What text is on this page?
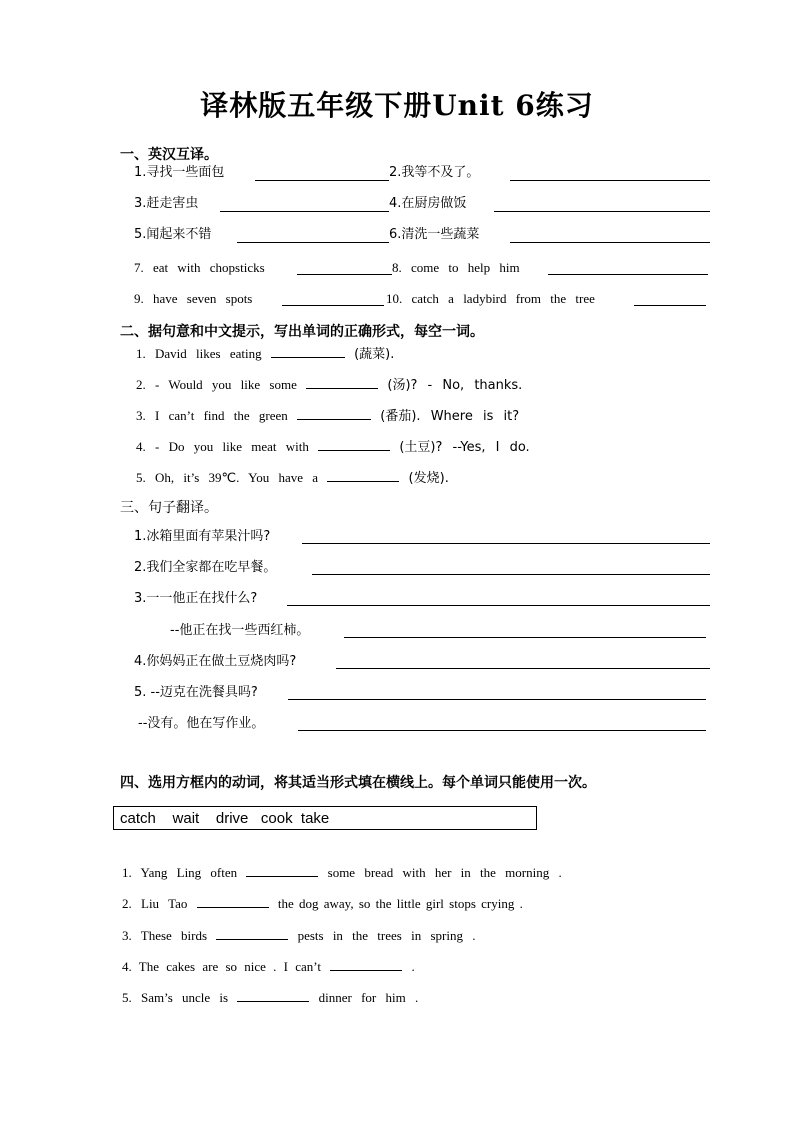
译林版五年级下册Unit 6练习
一、英汉互译。
1.寻找一些面包	2.我等不及了。
3.赶走害虫	4.在厨房做饭
5.闻起来不错	6.清洗一些蔬菜
7. eat with chopsticks	8. come to help him
9. have seven spots	10. catch a ladybird from the tree
二、据句意和中文提示，写出单词的正确形式，每空一词。
1. David likes eating	(蔬菜).
2. - Would you like some	(汤)? - No, thanks.
3. I can’t find the green	(番茄). Where is it?
4. - Do you like meat with	(土豆)? --Yes, I do.
5. Oh, it’s 39℃. You have a	(发烧).
三、句子翻译。
1.冰箱里面有苹果汁吗?
2.我们全家都在吃早餐。
3.一一他正在找什么?
--他正在找一些西红柿。
4.你妈妈正在做土豆烧肉吗?
5. --迈克在洗餐具吗?
--没有。他在写作业。
四、选用方框内的动词，将其适当形式填在横线上。每个单词只能使用一次。
catch    wait    drive   cook  take
1. Yang Ling often	some bread with her in the morning .
2. Liu Tao	the dog away, so the little girl stops crying .
3. These birds	pests in the trees in spring .
4. The cakes are so nice . I can’t	.
5. Sam’s uncle is	dinner for him .
